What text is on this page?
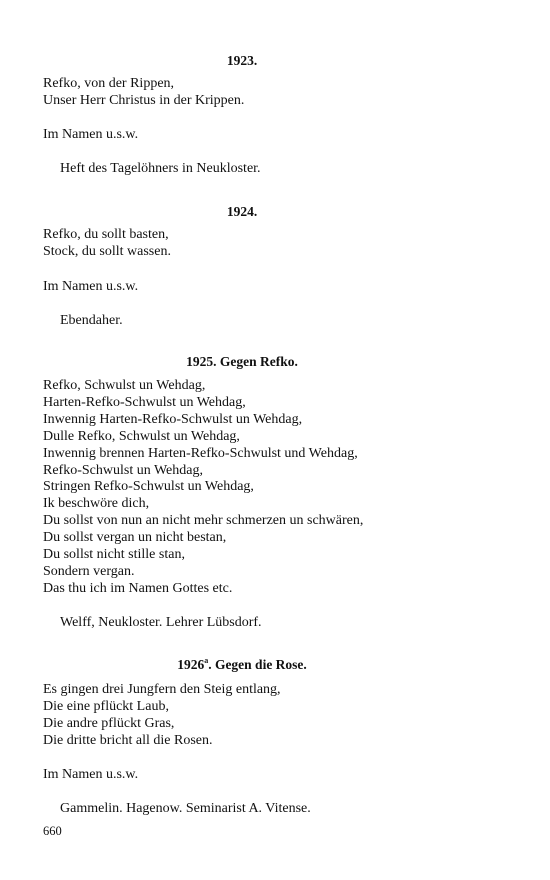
1923.
Refko, von der Rippen,
Unser Herr Christus in der Krippen.
Im Namen u.s.w.
Heft des Tagelöhners in Neukloster.
1924.
Refko, du sollt basten,
Stock, du sollt wassen.
Im Namen u.s.w.
Ebendaher.
1925. Gegen Refko.
Refko, Schwulst un Wehdag,
Harten-Refko-Schwulst un Wehdag,
Inwennig Harten-Refko-Schwulst un Wehdag,
Dulle Refko, Schwulst un Wehdag,
Inwennig brennen Harten-Refko-Schwulst und Wehdag,
Refko-Schwulst un Wehdag,
Stringen Refko-Schwulst un Wehdag,
Ik beschwöre dich,
Du sollst von nun an nicht mehr schmerzen un schwären,
Du sollst vergan un nicht bestan,
Du sollst nicht stille stan,
Sondern vergan.
Das thu ich im Namen Gottes etc.
Welff, Neukloster. Lehrer Lübsdorf.
1926$^a$. Gegen die Rose.
Es gingen drei Jungfern den Steig entlang,
Die eine pflückt Laub,
Die andre pflückt Gras,
Die dritte bricht all die Rosen.
Im Namen u.s.w.
Gammelin. Hagenow. Seminarist A. Vitense.
660
